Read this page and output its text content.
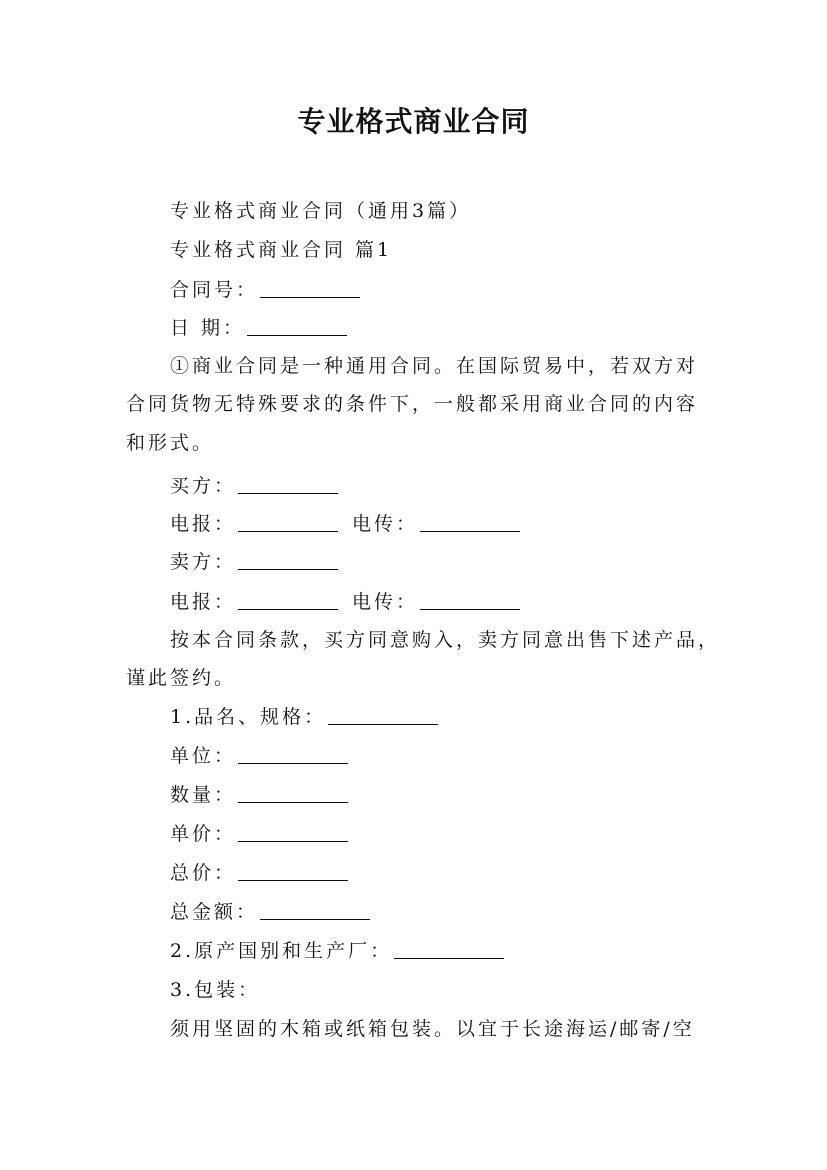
专业格式商业合同
专业格式商业合同（通用3篇）
专业格式商业合同 篇1
合同号：
日 期：
①商业合同是一种通用合同。在国际贸易中，若双方对
合同货物无特殊要求的条件下，一般都采用商业合同的内容
和形式。
买方：
电报：	电传：
卖方：
电报：	电传：
按本合同条款，买方同意购入，卖方同意出售下述产品，
谨此签约。
1.品名、规格：
单位：
数量：
单价：
总价：
总金额：
2.原产国别和生产厂：
3.包装：
须用坚固的木箱或纸箱包装。以宜于长途海运/邮寄/空
